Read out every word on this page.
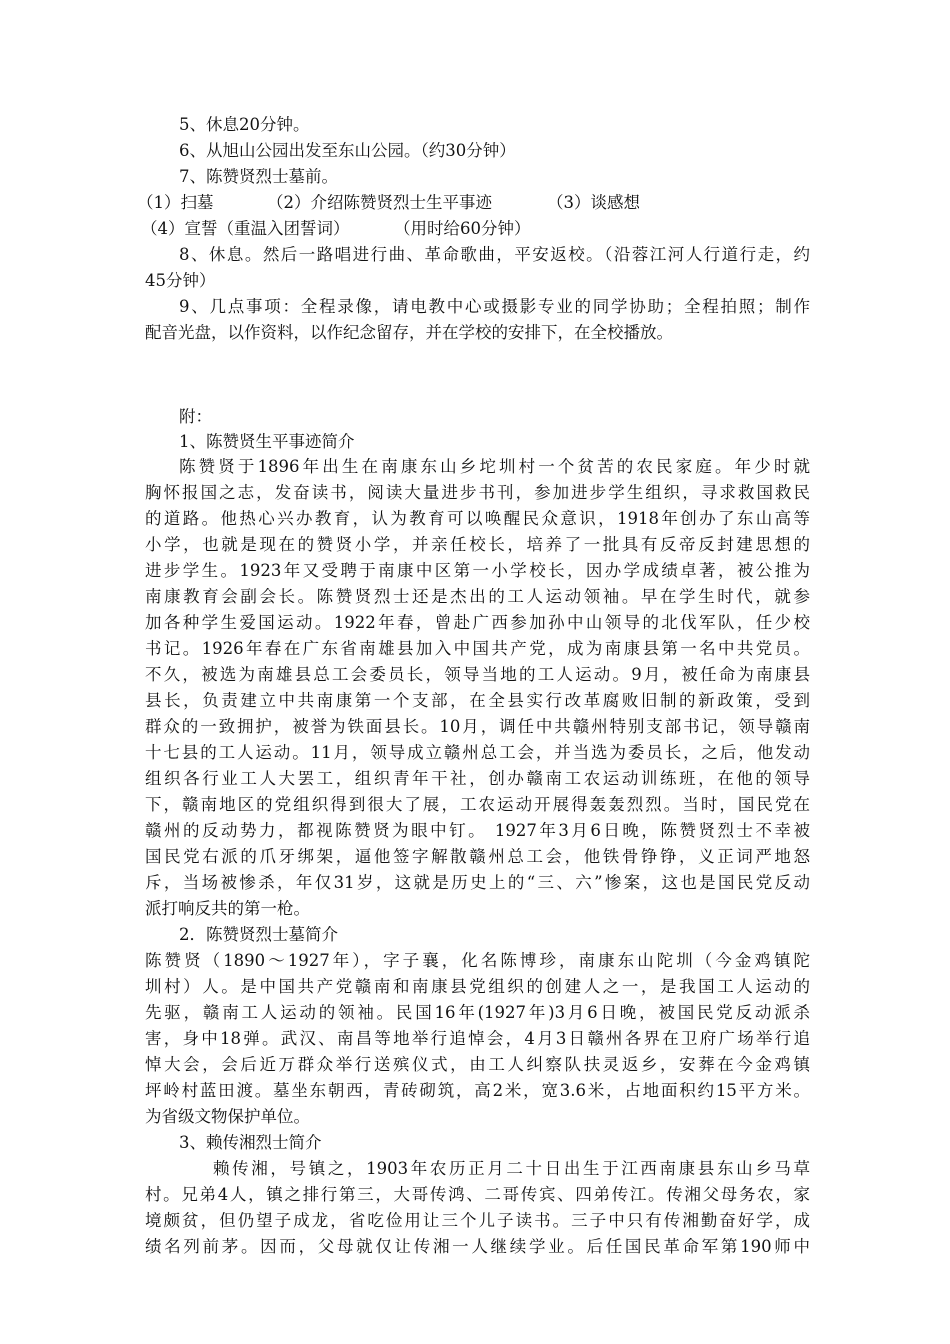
5、休息20分钟。
6、从旭山公园出发至东山公园。（约30分钟）
7、陈赞贤烈士墓前。
（1）扫墓	（2）介绍陈赞贤烈士生平事迹	（3）谈感想
（4）宣誓（重温入团誓词）	（用时给60分钟）
8、休息。然后一路唱进行曲、革命歌曲，平安返校。（沿蓉江河人行道行走，约
45分钟）
9、几点事项：全程录像，请电教中心或摄影专业的同学协助；全程拍照；制作
配音光盘，以作资料，以作纪念留存，并在学校的安排下，在全校播放。
附：
1、陈赞贤生平事迹简介
陈赞贤于1896年出生在南康东山乡坨圳村一个贫苦的农民家庭。年少时就
胸怀报国之志，发奋读书，阅读大量进步书刊，参加进步学生组织，寻求救国救民
的道路。他热心兴办教育，认为教育可以唤醒民众意识，1918年创办了东山高等
小学，也就是现在的赞贤小学，并亲任校长，培养了一批具有反帝反封建思想的
进步学生。1923年又受聘于南康中区第一小学校长，因办学成绩卓著，被公推为
南康教育会副会长。陈赞贤烈士还是杰出的工人运动领袖。早在学生时代，就参
加各种学生爱国运动。1922年春，曾赴广西参加孙中山领导的北伐军队，任少校
书记。1926年春在广东省南雄县加入中国共产党，成为南康县第一名中共党员。
不久，被选为南雄县总工会委员长，领导当地的工人运动。9月，被任命为南康县
县长，负责建立中共南康第一个支部，在全县实行改革腐败旧制的新政策，受到
群众的一致拥护，被誉为铁面县长。10月，调任中共赣州特别支部书记，领导赣南
十七县的工人运动。11月，领导成立赣州总工会，并当选为委员长，之后，他发动
组织各行业工人大罢工，组织青年干社，创办赣南工农运动训练班，在他的领导
下，赣南地区的党组织得到很大了展，工农运动开展得轰轰烈烈。当时，国民党在
赣州的反动势力，都视陈赞贤为眼中钉。 1927年3月6日晚，陈赞贤烈士不幸被
国民党右派的爪牙绑架，逼他签字解散赣州总工会，他铁骨铮铮，义正词严地怒
斥，当场被惨杀，年仅31岁，这就是历史上的“三、六”惨案，这也是国民党反动
派打响反共的第一枪。
2．陈赞贤烈士墓简介
陈赞贤（1890～1927年），字子襄，化名陈博珍，南康东山陀圳（今金鸡镇陀
圳村）人。是中国共产党赣南和南康县党组织的创建人之一，是我国工人运动的
先驱，赣南工人运动的领袖。民国16年(1927年)3月6日晚，被国民党反动派杀
害，身中18弹。武汉、南昌等地举行追悼会，4月3日赣州各界在卫府广场举行追
悼大会，会后近万群众举行送殡仪式，由工人纠察队扶灵返乡，安葬在今金鸡镇
坪岭村蓝田渡。墓坐东朝西，青砖砌筑，高2米，宽3.6米，占地面积约15平方米。
为省级文物保护单位。
3、赖传湘烈士简介
赖传湘，号镇之，1903年农历正月二十日出生于江西南康县东山乡马草
村。兄弟4人，镇之排行第三，大哥传鸿、二哥传宾、四弟传江。传湘父母务农，家
境颇贫，但仍望子成龙，省吃俭用让三个儿子读书。三子中只有传湘勤奋好学，成
绩名列前茅。因而，父母就仅让传湘一人继续学业。后任国民革命军第190师中
